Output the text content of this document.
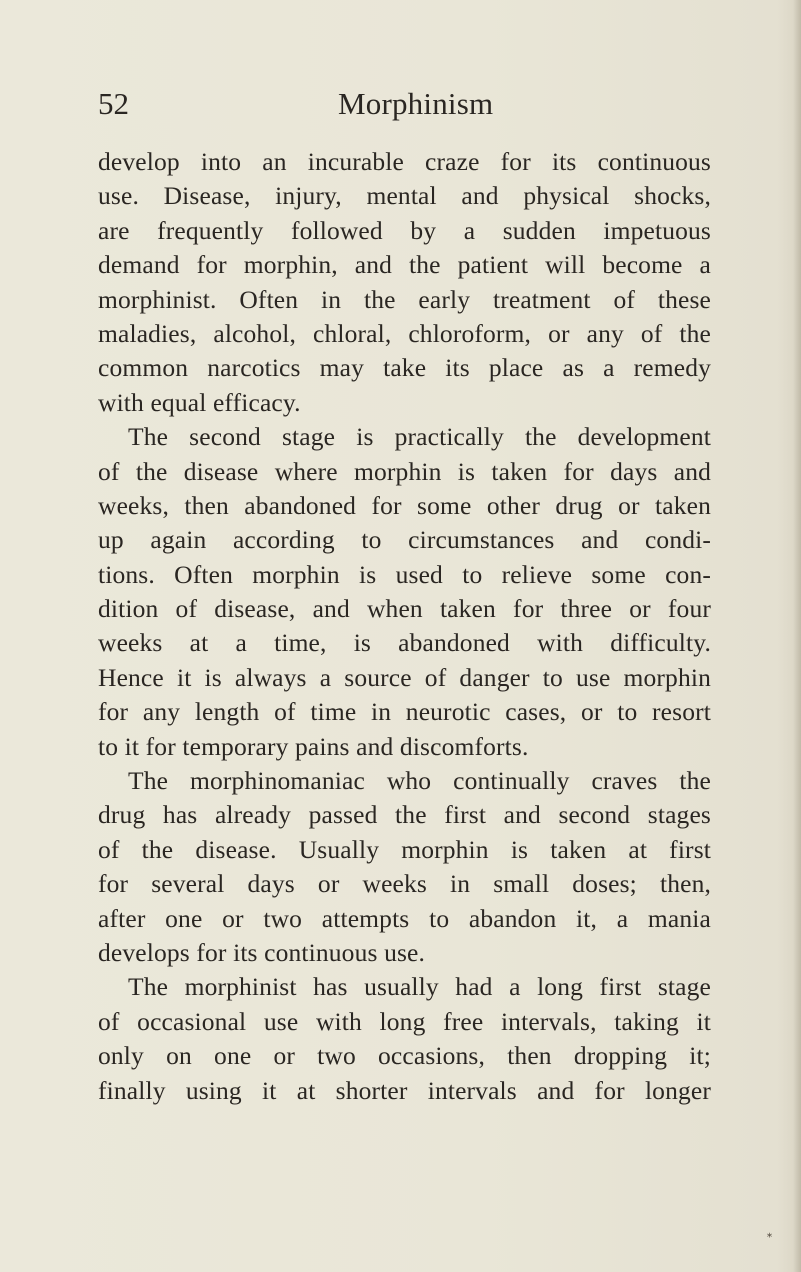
52	Morphinism
develop into an incurable craze for its continuous
use. Disease, injury, mental and physical shocks,
are frequently followed by a sudden impetuous
demand for morphin, and the patient will become a
morphinist. Often in the early treatment of these
maladies, alcohol, chloral, chloroform, or any of the
common narcotics may take its place as a remedy
with equal efficacy.
The second stage is practically the development
of the disease where morphin is taken for days and
weeks, then abandoned for some other drug or taken
up again according to circumstances and condi-
tions. Often morphin is used to relieve some con-
dition of disease, and when taken for three or four
weeks at a time, is abandoned with difficulty.
Hence it is always a source of danger to use morphin
for any length of time in neurotic cases, or to resort
to it for temporary pains and discomforts.
The morphinomaniac who continually craves the
drug has already passed the first and second stages
of the disease. Usually morphin is taken at first
for several days or weeks in small doses; then,
after one or two attempts to abandon it, a mania
develops for its continuous use.
The morphinist has usually had a long first stage
of occasional use with long free intervals, taking it
only on one or two occasions, then dropping it;
finally using it at shorter intervals and for longer
⁎
